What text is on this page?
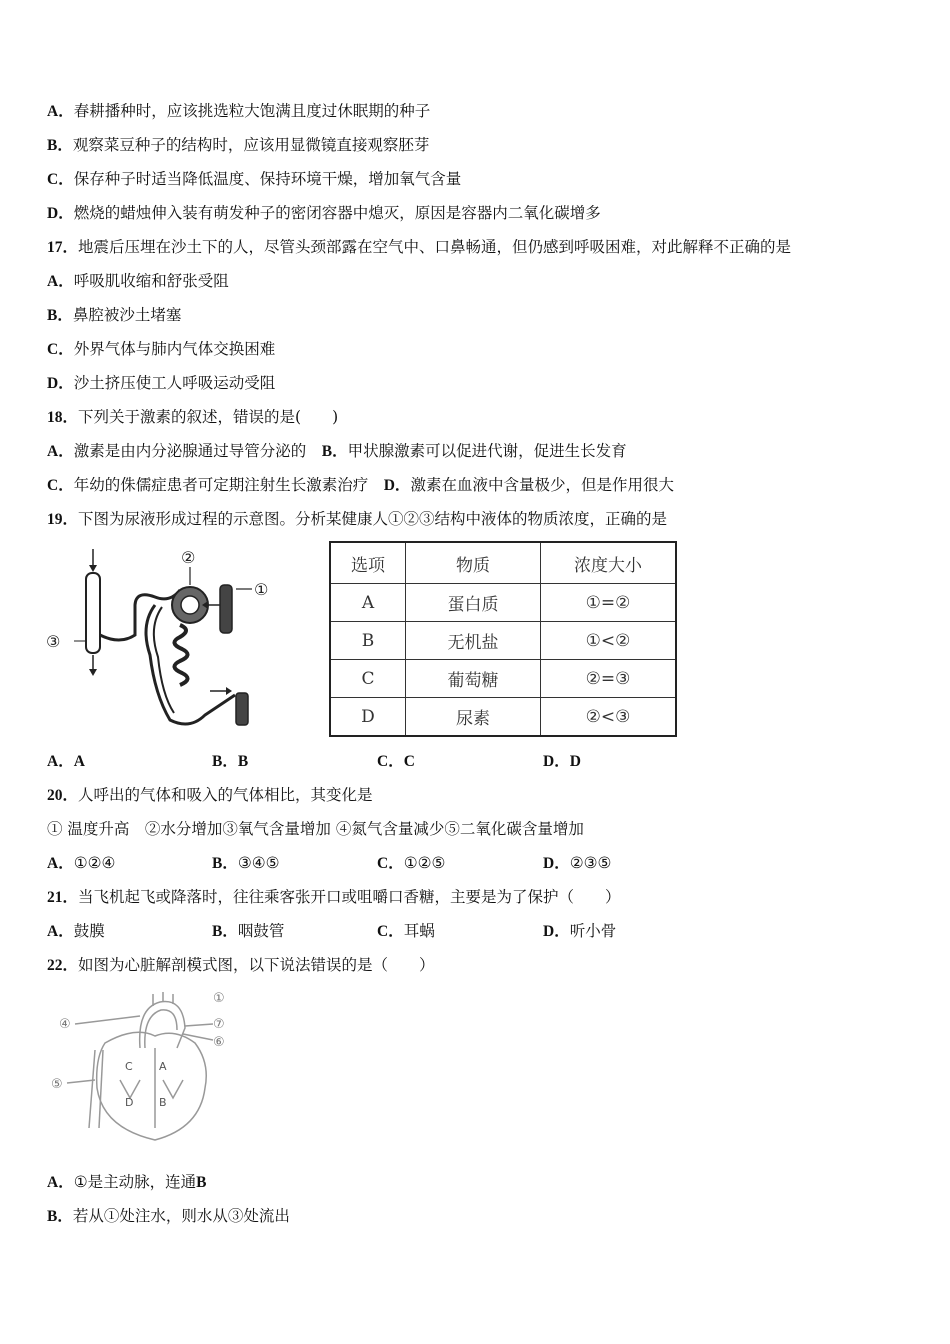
A．春耕播种时，应该挑选粒大饱满且度过休眠期的种子
B．观察菜豆种子的结构时，应该用显微镜直接观察胚芽
C．保存种子时适当降低温度、保持环境干燥，增加氧气含量
D．燃烧的蜡烛伸入装有萌发种子的密闭容器中熄灭，原因是容器内二氧化碳增多
17．地震后压埋在沙土下的人，尽管头颈部露在空气中、口鼻畅通，但仍感到呼吸困难，对此解释不正确的是
A．呼吸肌收缩和舒张受阻
B．鼻腔被沙土堵塞
C．外界气体与肺内气体交换困难
D．沙土挤压使工人呼吸运动受阻
18．下列关于激素的叙述，错误的是(　　)
A．激素是由内分泌腺通过导管分泌的　 B．甲状腺激素可以促进代谢，促进生长发育
C．年幼的侏儒症患者可定期注射生长激素治疗　 D．激素在血液中含量极少，但是作用很大
19．下图为尿液形成过程的示意图。分析某健康人①②③结构中液体的物质浓度，正确的是
②
①
③
选项	物质	浓度大小
A	蛋白质	①=②
B	无机盐	①<②
C	葡萄糖	②=③
D	尿素	②<③
A．A	B．B	C．C	D．D
20．人呼出的气体和吸入的气体相比，其变化是
① 温度升高　②水分增加③氧气含量增加 ④氮气含量减少⑤二氧化碳含量增加
A．①②④	B．③④⑤	C．①②⑤	D．②③⑤
21．当飞机起飞或降落时，往往乘客张开口或咀嚼口香糖，主要是为了保护（　　）
A．鼓膜	B．咽鼓管	C．耳蜗	D．听小骨
22．如图为心脏解剖模式图，以下说法错误的是（　　）
C A
D B
①
④	⑦
⑥
⑤
A．①是主动脉，连通B
B．若从①处注水，则水从③处流出
